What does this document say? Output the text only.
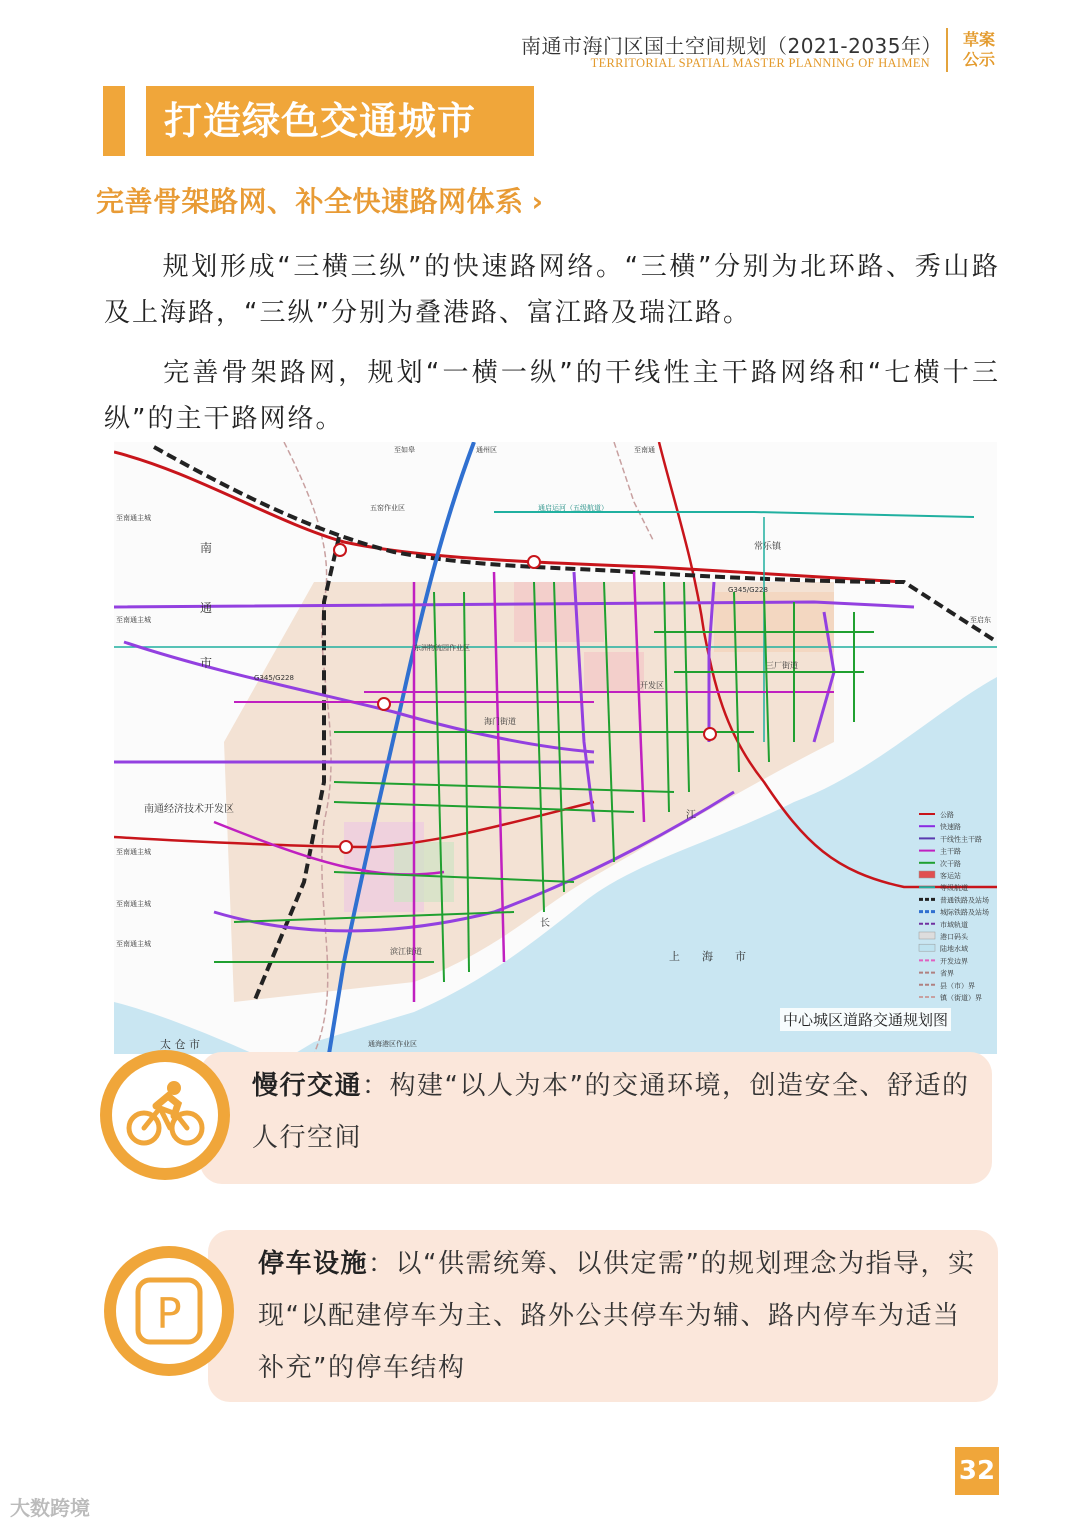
南通市海门区国土空间规划（2021-2035年）
TERRITORIAL SPATIAL MASTER PLANNING OF HAIMEN
草案
公示
打造绿色交通城市
完善骨架路网、补全快速路网体系 ›
规划形成“三横三纵”的快速路网络。“三横”分别为北环路、秀山路及上海路，“三纵”分别为叠港路、富江路及瑞江路。
完善骨架路网，规划“一横一纵”的干线性主干路网络和“七横十三纵”的主干路网络。
南
通
市
上　　海　　市
太 仓 市
南通经济技术开发区
常乐镇
三厂街道
海门街道
滨江街道
开发区
江
长
至如皋	通州区	至南通
至南通主城
至南通主城
至南通主城
至南通主城
至南通主城
至启东
通海港区作业区
通启运河（五级航道）
东洲物流园作业区
G345/G228
G345/G228
五窑作业区
公路
快速路
干线性主干路
主干路
次干路
客运站
等级航道
普通铁路及站场
城际铁路及站场
市域轨道
港口码头
陆地水域
开发边界
省界
县（市）界
镇（街道）界
中心城区道路交通规划图
慢行交通：构建“以人为本”的交通环境，创造安全、舒适的人行空间
P
停车设施：以“供需统筹、以供定需”的规划理念为指导，实现“以配建停车为主、路外公共停车为辅、路内停车为适当补充”的停车结构
32
大数跨境
